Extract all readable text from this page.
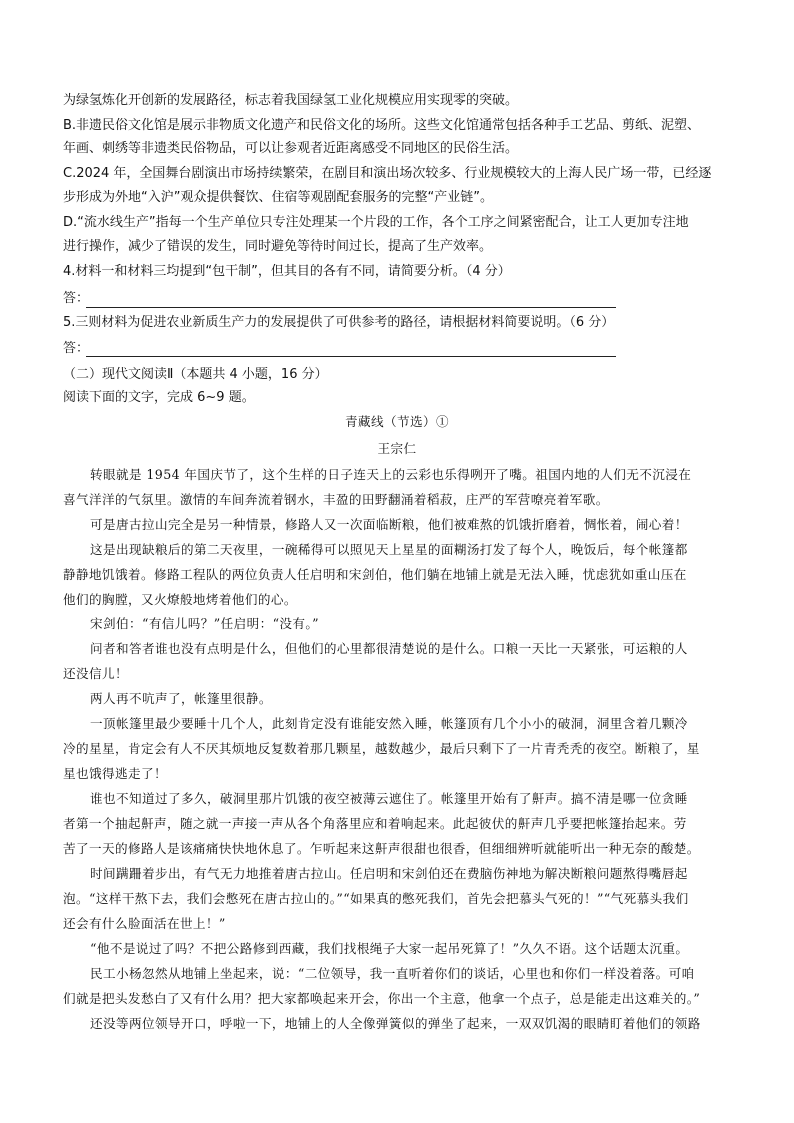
为绿氢炼化开创新的发展路径，标志着我国绿氢工业化规模应用实现零的突破。
B.非遗民俗文化馆是展示非物质文化遗产和民俗文化的场所。这些文化馆通常包括各种手工艺品、剪纸、泥塑、
年画、刺绣等非遗类民俗物品，可以让参观者近距离感受不同地区的民俗生活。
C.2024 年，全国舞台剧演出市场持续繁荣，在剧目和演出场次较多、行业规模较大的上海人民广场一带，已经逐
步形成为外地“入沪”观众提供餐饮、住宿等观剧配套服务的完整“产业链”。
D.“流水线生产”指每一个生产单位只专注处理某一个片段的工作，各个工序之间紧密配合，让工人更加专注地
进行操作，减少了错误的发生，同时避免等待时间过长，提高了生产效率。
4.材料一和材料三均提到“包干制”，但其目的各有不同，请简要分析。（4 分）
答：
5.三则材料为促进农业新质生产力的发展提供了可供参考的路径，请根据材料简要说明。（6 分）
答：
（二）现代文阅读Ⅱ（本题共 4 小题，16 分）
阅读下面的文字，完成 6~9 题。
青藏线（节选）①
王宗仁
转眼就是 1954 年国庆节了，这个生样的日子连天上的云彩也乐得咧开了嘴。祖国内地的人们无不沉浸在
喜气洋洋的气氛里。激情的车间奔流着钢水，丰盈的田野翻涌着稻菽，庄严的军营嘹亮着军歌。
可是唐古拉山完全是另一种情景，修路人又一次面临断粮，他们被难熬的饥饿折磨着，惆怅着，闹心着！
这是出现缺粮后的第二天夜里，一碗稀得可以照见天上星星的面糊汤打发了每个人，晚饭后，每个帐篷都
静静地饥饿着。修路工程队的两位负责人任启明和宋剑伯，他们躺在地铺上就是无法入睡，忧虑犹如重山压在
他们的胸膛，又火燎般地烤着他们的心。
宋剑伯：“有信儿吗？”任启明：“没有。”
问者和答者谁也没有点明是什么，但他们的心里都很清楚说的是什么。口粮一天比一天紧张，可运粮的人
还没信儿！
两人再不吭声了，帐篷里很静。
一顶帐篷里最少要睡十几个人，此刻肯定没有谁能安然入睡，帐篷顶有几个小小的破洞，洞里含着几颗冷
冷的星星，肯定会有人不厌其烦地反复数着那几颗星，越数越少，最后只剩下了一片青秃秃的夜空。断粮了，星
星也饿得逃走了！
谁也不知道过了多久，破洞里那片饥饿的夜空被薄云遮住了。帐篷里开始有了鼾声。搞不清是哪一位贪睡
者第一个抽起鼾声，随之就一声接一声从各个角落里应和着响起来。此起彼伏的鼾声几乎要把帐篷抬起来。劳
苦了一天的修路人是该痛痛快快地休息了。乍听起来这鼾声很甜也很香，但细细辨听就能听出一种无奈的酸楚。
时间蹒跚着步出，有气无力地推着唐古拉山。任启明和宋剑伯还在费脑伤神地为解决断粮问题熬得嘴唇起
泡。“这样干熬下去，我们会憋死在唐古拉山的。”“如果真的憋死我们，首先会把慕头气死的！”“气死慕头我们
还会有什么脸面活在世上！”
“他不是说过了吗？不把公路修到西藏，我们找根绳子大家一起吊死算了！”久久不语。这个话题太沉重。
民工小杨忽然从地铺上坐起来，说：“二位领导，我一直听着你们的谈话，心里也和你们一样没着落。可咱
们就是把头发愁白了又有什么用？把大家都唤起来开会，你出一个主意，他拿一个点子，总是能走出这难关的。”
还没等两位领导开口，呼啦一下，地铺上的人全像弹簧似的弹坐了起来，一双双饥渴的眼睛盯着他们的领路
